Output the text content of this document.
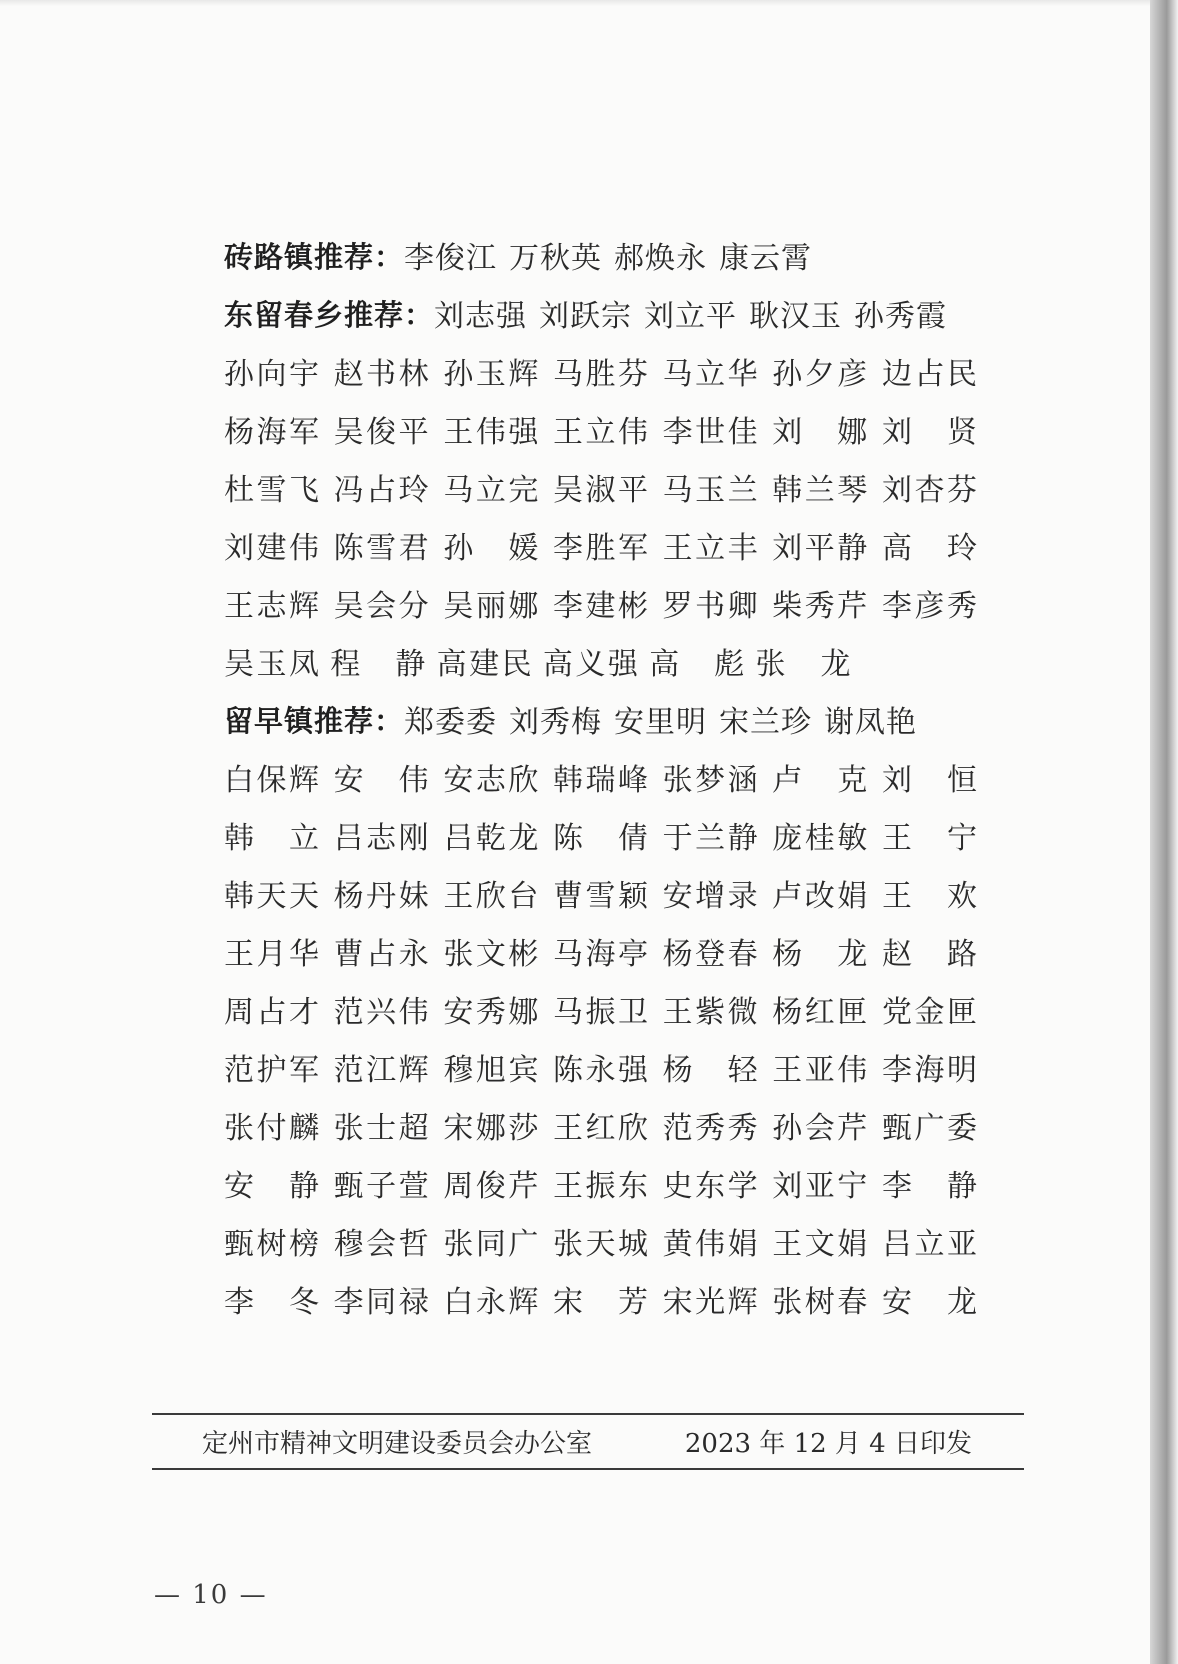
砖路镇推荐： 李俊江 万秋英 郝焕永 康云霄
东留春乡推荐： 刘志强 刘跃宗 刘立平 耿汉玉 孙秀霞
孙 向 宇 赵 书 林 孙 玉 辉 马 胜 芬 马 立 华 孙 夕 彦 边 占 民
杨 海 军 吴 俊 平 王 伟 强 王 立 伟 李 世 佳 刘
　 娜 刘
　 贤
杜 雪 飞 冯 占 玲 马 立 完 吴 淑 平 马 玉 兰 韩 兰 琴 刘 杏 芬
刘 建 伟 陈 雪 君 孙
　 媛 李 胜 军 王 立 丰 刘 平 静 高
　 玲
王 志 辉 吴 会 分 吴 丽 娜 李 建 彬 罗 书 卿 柴 秀 芹 李 彦 秀
吴 玉 凤 程
　 静 高 建 民 高 义 强 高
　 彪 张
　 龙
留早镇推荐： 郑委委 刘秀梅 安里明 宋兰珍 谢凤艳
白 保 辉 安
　 伟 安 志 欣 韩 瑞 峰 张 梦 涵 卢
　 克 刘
　 恒
韩
　 立 吕 志 刚 吕 乾 龙 陈
　 倩 于 兰 静 庞 桂 敏 王
　 宁
韩 天 天 杨 丹 妹 王 欣 台 曹 雪 颖 安 增 录 卢 改 娟 王
　 欢
王 月 华 曹 占 永 张 文 彬 马 海 亭 杨 登 春 杨
　 龙 赵
　 路
周 占 才 范 兴 伟 安 秀 娜 马 振 卫 王 紫 微 杨 红 匣 党 金 匣
范 护 军 范 江 辉 穆 旭 宾 陈 永 强 杨
　 轻 王 亚 伟 李 海 明
张 付 麟 张 士 超 宋 娜 莎 王 红 欣 范 秀 秀 孙 会 芹 甄 广 委
安
　 静 甄 子 萱 周 俊 芹 王 振 东 史 东 学 刘 亚 宁 李
　 静
甄 树 榜 穆 会 哲 张 同 广 张 天 城 黄 伟 娟 王 文 娟 吕 立 亚
李
　 冬 李 同 禄 白 永 辉 宋
　 芳 宋 光 辉 张 树 春 安
　 龙
定州市精神文明建设委员会办公室	2023 年 12 月 4 日印发
— 10 —
